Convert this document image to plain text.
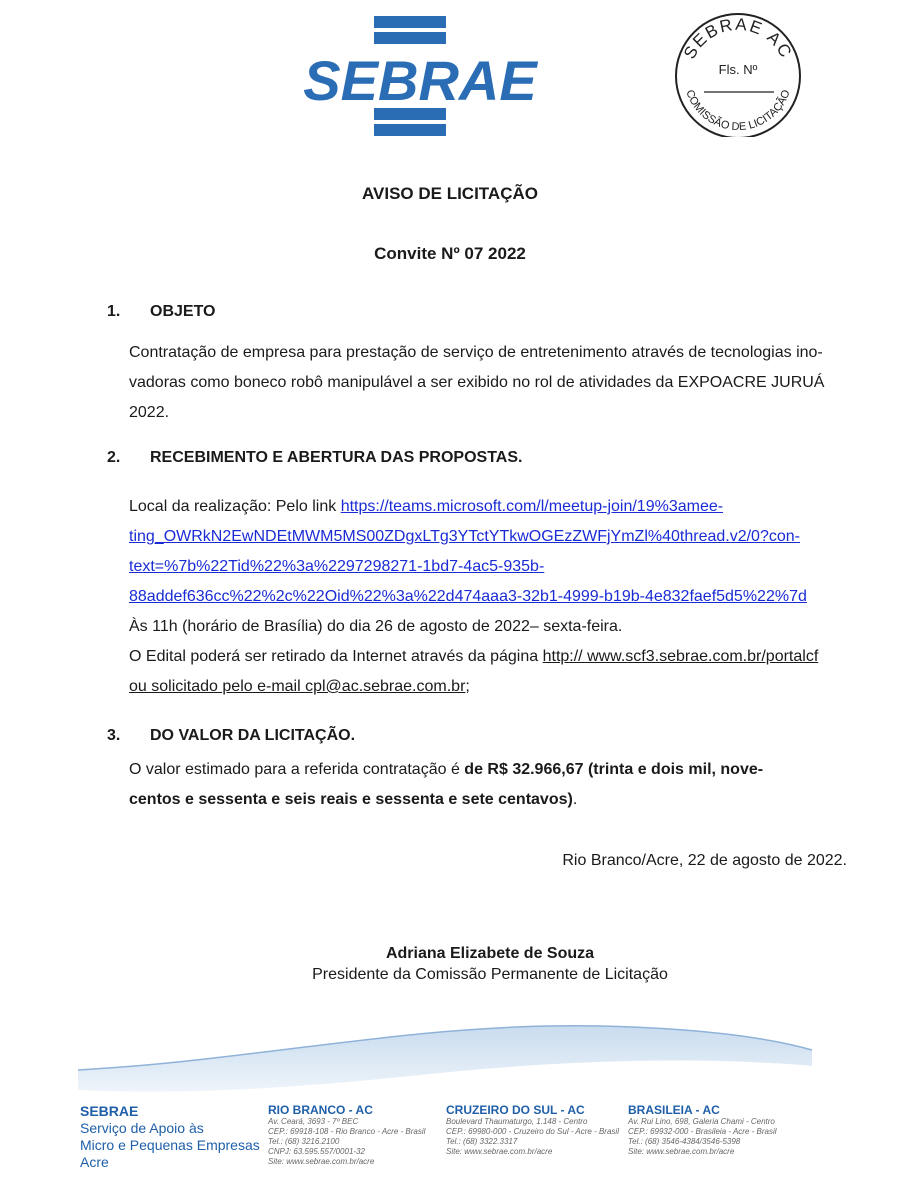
SEBRAE	SEBRAE AC
Fls. Nº
COMISSÃO DE LICITAÇÃO
AVISO DE LICITAÇÃO
Convite Nº 07 2022
1. OBJETO

Contratação de empresa para prestação de serviço de entretenimento através de tecnologias ino-

vadoras como boneco robô manipulável a ser exibido no rol de atividades da EXPOACRE JURUÁ

2022.

2. RECEBIMENTO E ABERTURA DAS PROPOSTAS.

Local da realização: Pelo link https://teams.microsoft.com/l/meetup-join/19%3amee-

ting_OWRkN2EwNDEtMWM5MS00ZDgxLTg3YTctYTkwOGEzZWFjYmZl%40thread.v2/0?con-

text=%7b%22Tid%22%3a%2297298271-1bd7-4ac5-935b-

88addef636cc%22%2c%22Oid%22%3a%22d474aaa3-32b1-4999-b19b-4e832faef5d5%22%7d

Às 11h (horário de Brasília) do dia 26 de agosto de 2022– sexta-feira.

O Edital poderá ser retirado da Internet através da página http:// www.scf3.sebrae.com.br/portalcf

ou solicitado pelo e-mail cpl@ac.sebrae.com.br;

3. DO VALOR DA LICITAÇÃO.

O valor estimado para a referida contratação é de R$ 32.966,67 (trinta e dois mil, nove-

centos e sessenta e seis reais e sessenta e sete centavos).

Rio Branco/Acre, 22 de agosto de 2022.
Adriana Elizabete de Souza
Presidente da Comissão Permanente de Licitação
SEBRAE
Serviço de Apoio às
Micro e Pequenas Empresas
Acre
RIO BRANCO - AC
Av. Ceará, 3693 - 7º BEC
CEP.: 69918-108 - Rio Branco - Acre - Brasil
Tel.: (68) 3216.2100
CNPJ: 63.595.557/0001-32
Site: www.sebrae.com.br/acre
CRUZEIRO DO SUL - AC
Boulevard Thaumaturgo, 1.148 - Centro
CEP.: 69980-000 - Cruzeiro do Sul - Acre - Brasil
Tel.: (68) 3322.3317
Site: www.sebrae.com.br/acre
BRASILEIA - AC
Av. Rui Lino, 698, Galeria Chami - Centro
CEP.: 69932-000 - Brasileia - Acre - Brasil
Tel.: (68) 3546-4384/3546-5398
Site: www.sebrae.com.br/acre
